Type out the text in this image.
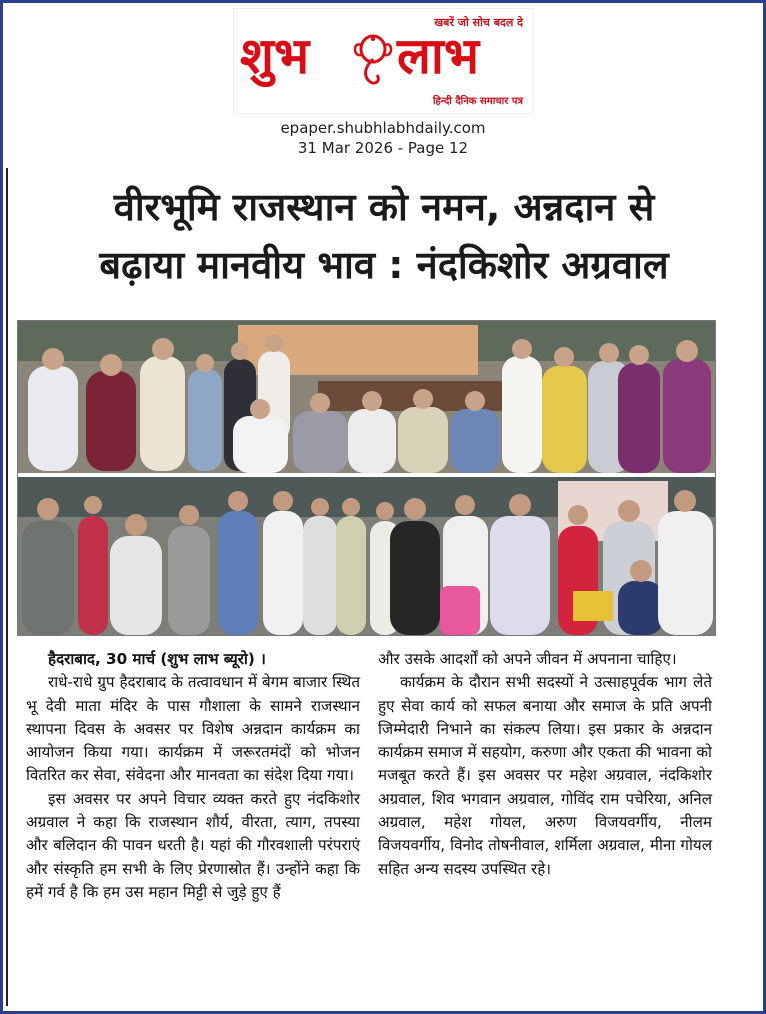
खबरें जो सोच बदल दे
शुभ लाभ
हिन्दी दैनिक समाचार पत्र
epaper.shubhlabhdaily.com
31 Mar 2026 - Page 12
वीरभूमि राजस्थान को नमन, अन्नदान से
बढ़ाया मानवीय भाव : नंदकिशोर अग्रवाल
हैदराबाद, 30 मार्च (शुभ लाभ ब्यूरो) ।

राधे-राधे ग्रुप हैदराबाद के तत्वावधान में बेगम बाजार स्थित भू देवी माता मंदिर के पास गौशाला के सामने राजस्थान स्थापना दिवस के अवसर पर विशेष अन्नदान कार्यक्रम का आयोजन किया गया। कार्यक्रम में जरूरतमंदों को भोजन वितरित कर सेवा, संवेदना और मानवता का संदेश दिया गया।

इस अवसर पर अपने विचार व्यक्त करते हुए नंदकिशोर अग्रवाल ने कहा कि राजस्थान शौर्य, वीरता, त्याग, तपस्या और बलिदान की पावन धरती है। यहां की गौरवशाली परंपराएं और संस्कृति हम सभी के लिए प्रेरणास्रोत हैं। उन्होंने कहा कि हमें गर्व है कि हम उस महान मिट्टी से जुड़े हुए हैं

और उसके आदर्शों को अपने जीवन में अपनाना चाहिए।

कार्यक्रम के दौरान सभी सदस्यों ने उत्साहपूर्वक भाग लेते हुए सेवा कार्य को सफल बनाया और समाज के प्रति अपनी जिम्मेदारी निभाने का संकल्प लिया। इस प्रकार के अन्नदान कार्यक्रम समाज में सहयोग, करुणा और एकता की भावना को मजबूत करते हैं। इस अवसर पर महेश अग्रवाल, नंदकिशोर अग्रवाल, शिव भगवान अग्रवाल, गोविंद राम पचेरिया, अनिल अग्रवाल, महेश गोयल, अरुण विजयवर्गीय, नीलम विजयवर्गीय, विनोद तोषनीवाल, शर्मिला अग्रवाल, मीना गोयल सहित अन्य सदस्य उपस्थित रहे।
